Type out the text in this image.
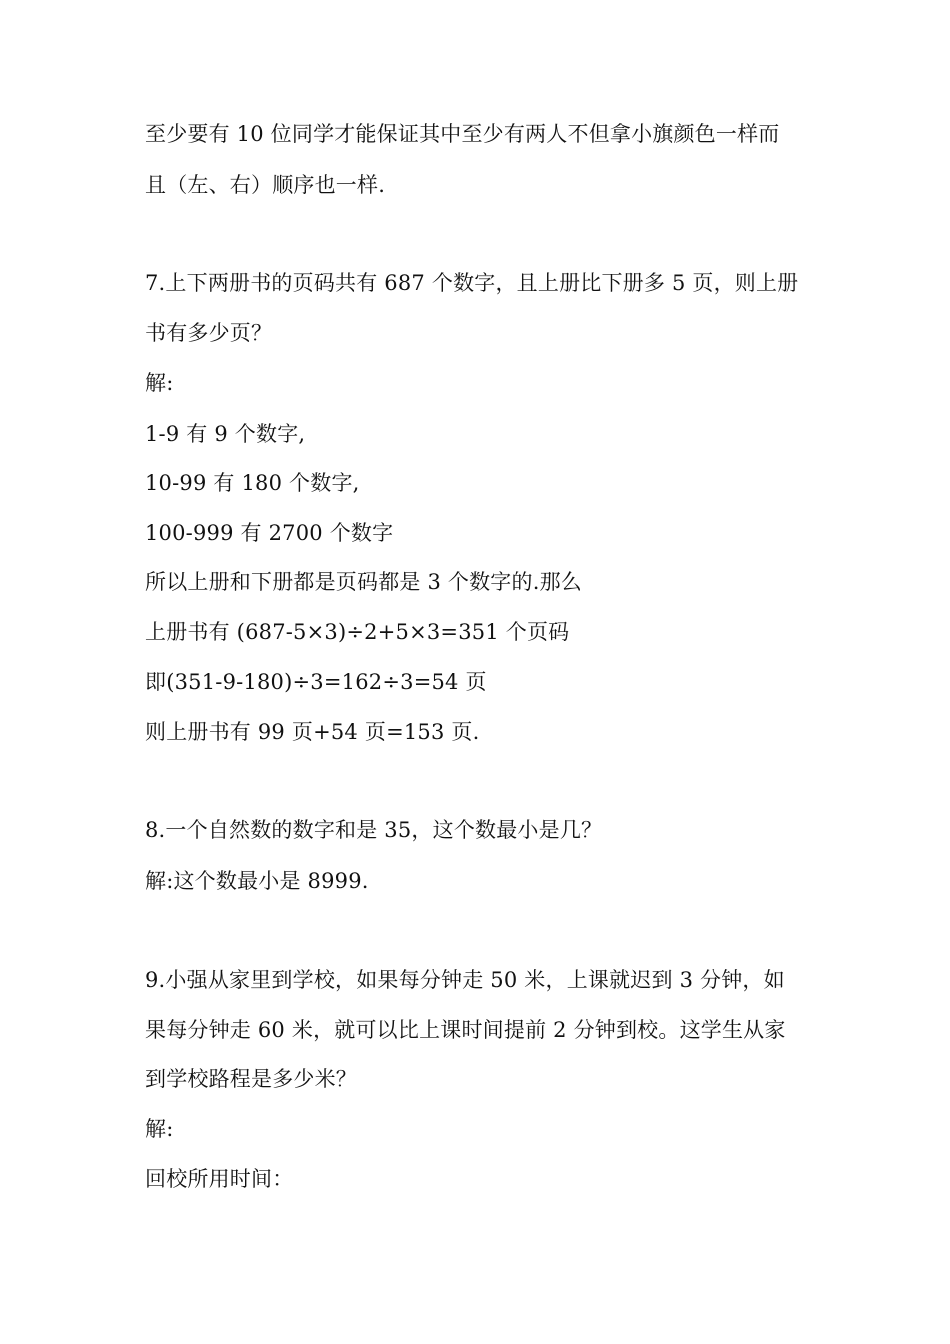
至少要有 10 位同学才能保证其中至少有两人不但拿小旗颜色一样而
且（左、右）顺序也一样.
7.上下两册书的页码共有 687 个数字，且上册比下册多 5 页，则上册
书有多少页？
解:
1-9 有 9 个数字,
10-99 有 180 个数字,
100-999 有 2700 个数字
所以上册和下册都是页码都是 3 个数字的.那么
上册书有 (687-5×3)÷2+5×3=351 个页码
即(351-9-180)÷3=162÷3=54 页
则上册书有 99 页+54 页=153 页.
8.一个自然数的数字和是 35，这个数最小是几？
解:这个数最小是 8999.
9.小强从家里到学校，如果每分钟走 50 米，上课就迟到 3 分钟，如
果每分钟走 60 米，就可以比上课时间提前 2 分钟到校。这学生从家
到学校路程是多少米？
解:
回校所用时间：
